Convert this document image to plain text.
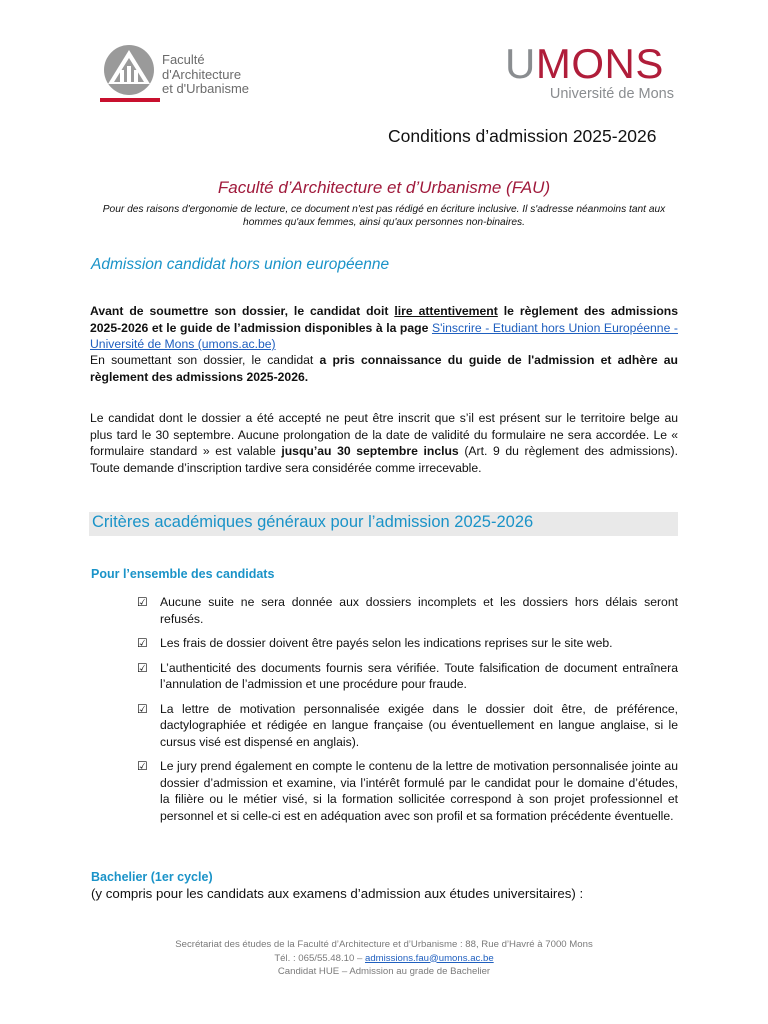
Faculté
d'Architecture
et d'Urbanisme
UMONS
Université de Mons
Conditions d’admission 2025-2026
Faculté d’Architecture et d’Urbanisme (FAU)
Pour des raisons d'ergonomie de lecture, ce document n'est pas rédigé en écriture inclusive. Il s'adresse néanmoins tant aux hommes qu'aux femmes, ainsi qu'aux personnes non-binaires.
Admission candidat hors union européenne
Avant de soumettre son dossier, le candidat doit lire attentivement le règlement des admissions 2025-2026 et le guide de l’admission disponibles à la page S'inscrire - Etudiant hors Union Européenne - Université de Mons (umons.ac.be)
En soumettant son dossier, le candidat a pris connaissance du guide de l'admission et adhère au règlement des admissions 2025-2026.
Le candidat dont le dossier a été accepté ne peut être inscrit que s’il est présent sur le territoire belge au plus tard le 30 septembre. Aucune prolongation de la date de validité du formulaire ne sera accordée. Le « formulaire standard » est valable jusqu’au 30 septembre inclus (Art. 9 du règlement des admissions). Toute demande d’inscription tardive sera considérée comme irrecevable.
Critères académiques généraux pour l’admission 2025-2026
Pour l’ensemble des candidats
☑ Aucune suite ne sera donnée aux dossiers incomplets et les dossiers hors délais seront refusés.
☑ Les frais de dossier doivent être payés selon les indications reprises sur le site web.
☑ L’authenticité des documents fournis sera vérifiée. Toute falsification de document entraînera l’annulation de l’admission et une procédure pour fraude.
☑ La lettre de motivation personnalisée exigée dans le dossier doit être, de préférence, dactylographiée et rédigée en langue française (ou éventuellement en langue anglaise, si le cursus visé est dispensé en anglais).
☑ Le jury prend également en compte le contenu de la lettre de motivation personnalisée jointe au dossier d’admission et examine, via l’intérêt formulé par le candidat pour le domaine d’études, la filière ou le métier visé, si la formation sollicitée correspond à son projet professionnel et personnel et si celle-ci est en adéquation avec son profil et sa formation précédente éventuelle.
Bachelier (1er cycle)
(y compris pour les candidats aux examens d’admission aux études universitaires) :
Secrétariat des études de la Faculté d’Architecture et d’Urbanisme : 88, Rue d’Havré à 7000 Mons
Tél. : 065/55.48.10 – admissions.fau@umons.ac.be
Candidat HUE – Admission au grade de Bachelier
